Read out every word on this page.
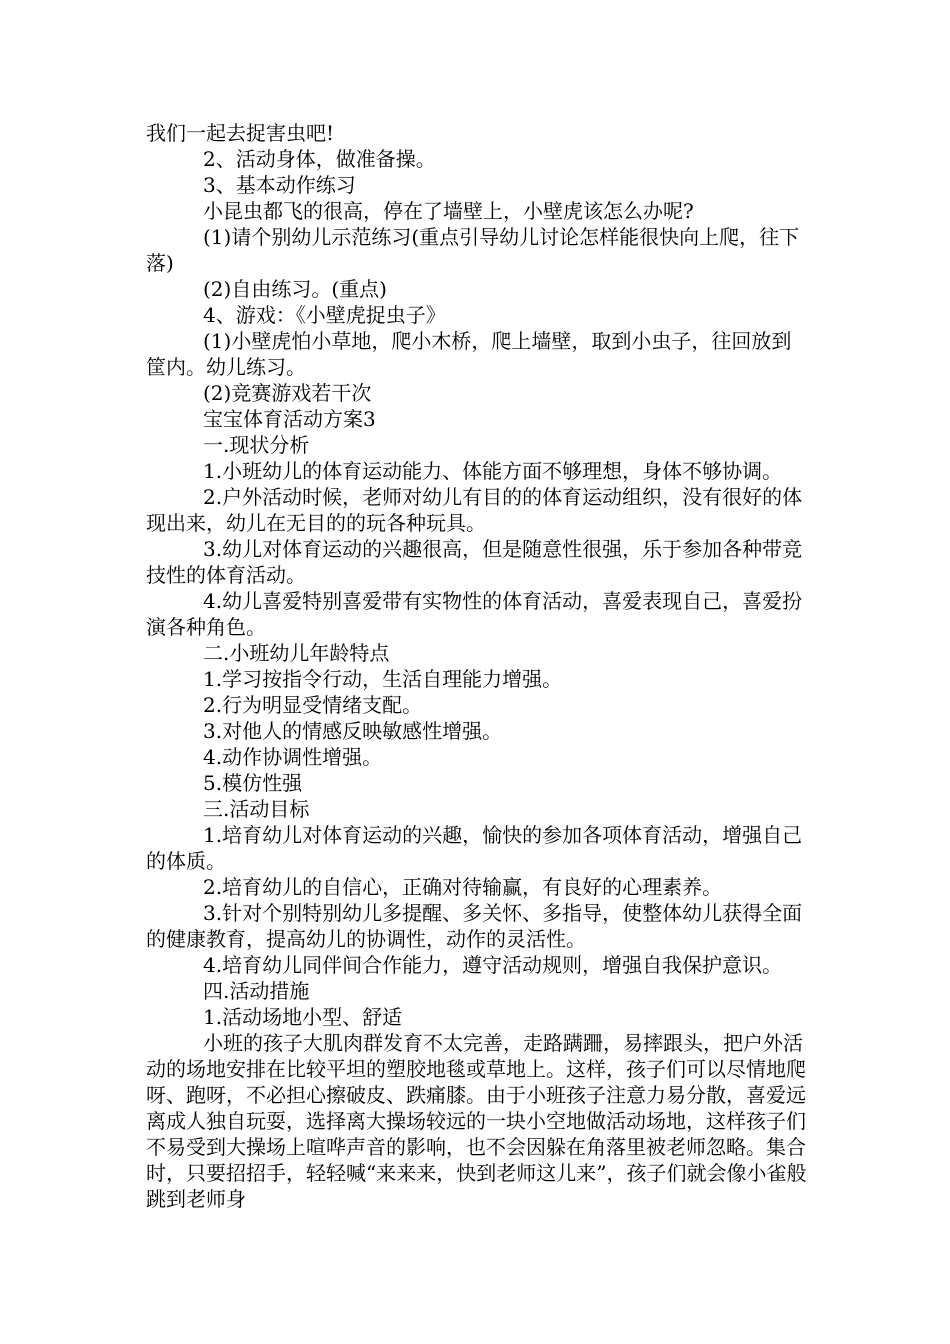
我们一起去捉害虫吧!

2、活动身体，做准备操。

3、基本动作练习

小昆虫都飞的很高，停在了墙壁上，小壁虎该怎么办呢?

(1)请个别幼儿示范练习(重点引导幼儿讨论怎样能很快向上爬，往下落)

(2)自由练习。(重点)

4、游戏：《小壁虎捉虫子》

(1)小壁虎怕小草地，爬小木桥，爬上墙壁，取到小虫子，往回放到筐内。幼儿练习。

(2)竞赛游戏若干次

宝宝体育活动方案3

一.现状分析

1.小班幼儿的体育运动能力、体能方面不够理想，身体不够协调。

2.户外活动时候，老师对幼儿有目的的体育运动组织，没有很好的体现出来，幼儿在无目的的玩各种玩具。

3.幼儿对体育运动的兴趣很高，但是随意性很强，乐于参加各种带竞技性的体育活动。

4.幼儿喜爱特别喜爱带有实物性的体育活动，喜爱表现自己，喜爱扮演各种角色。

二.小班幼儿年龄特点

1.学习按指令行动，生活自理能力增强。

2.行为明显受情绪支配。

3.对他人的情感反映敏感性增强。

4.动作协调性增强。

5.模仿性强

三.活动目标

1.培育幼儿对体育运动的兴趣，愉快的参加各项体育活动，增强自己的体质。

2.培育幼儿的自信心，正确对待输赢，有良好的心理素养。

3.针对个别特别幼儿多提醒、多关怀、多指导，使整体幼儿获得全面的健康教育，提高幼儿的协调性，动作的灵活性。

4.培育幼儿同伴间合作能力，遵守活动规则，增强自我保护意识。

四.活动措施

1.活动场地小型、舒适

小班的孩子大肌肉群发育不太完善，走路蹒跚，易摔跟头，把户外活动的场地安排在比较平坦的塑胶地毯或草地上。这样，孩子们可以尽情地爬呀、跑呀，不必担心擦破皮、跌痛膝。由于小班孩子注意力易分散，喜爱远离成人独自玩耍，选择离大操场较远的一块小空地做活动场地，这样孩子们不易受到大操场上喧哗声音的影响，也不会因躲在角落里被老师忽略。集合时，只要招招手，轻轻喊“来来来，快到老师这儿来”，孩子们就会像小雀般跳到老师身
